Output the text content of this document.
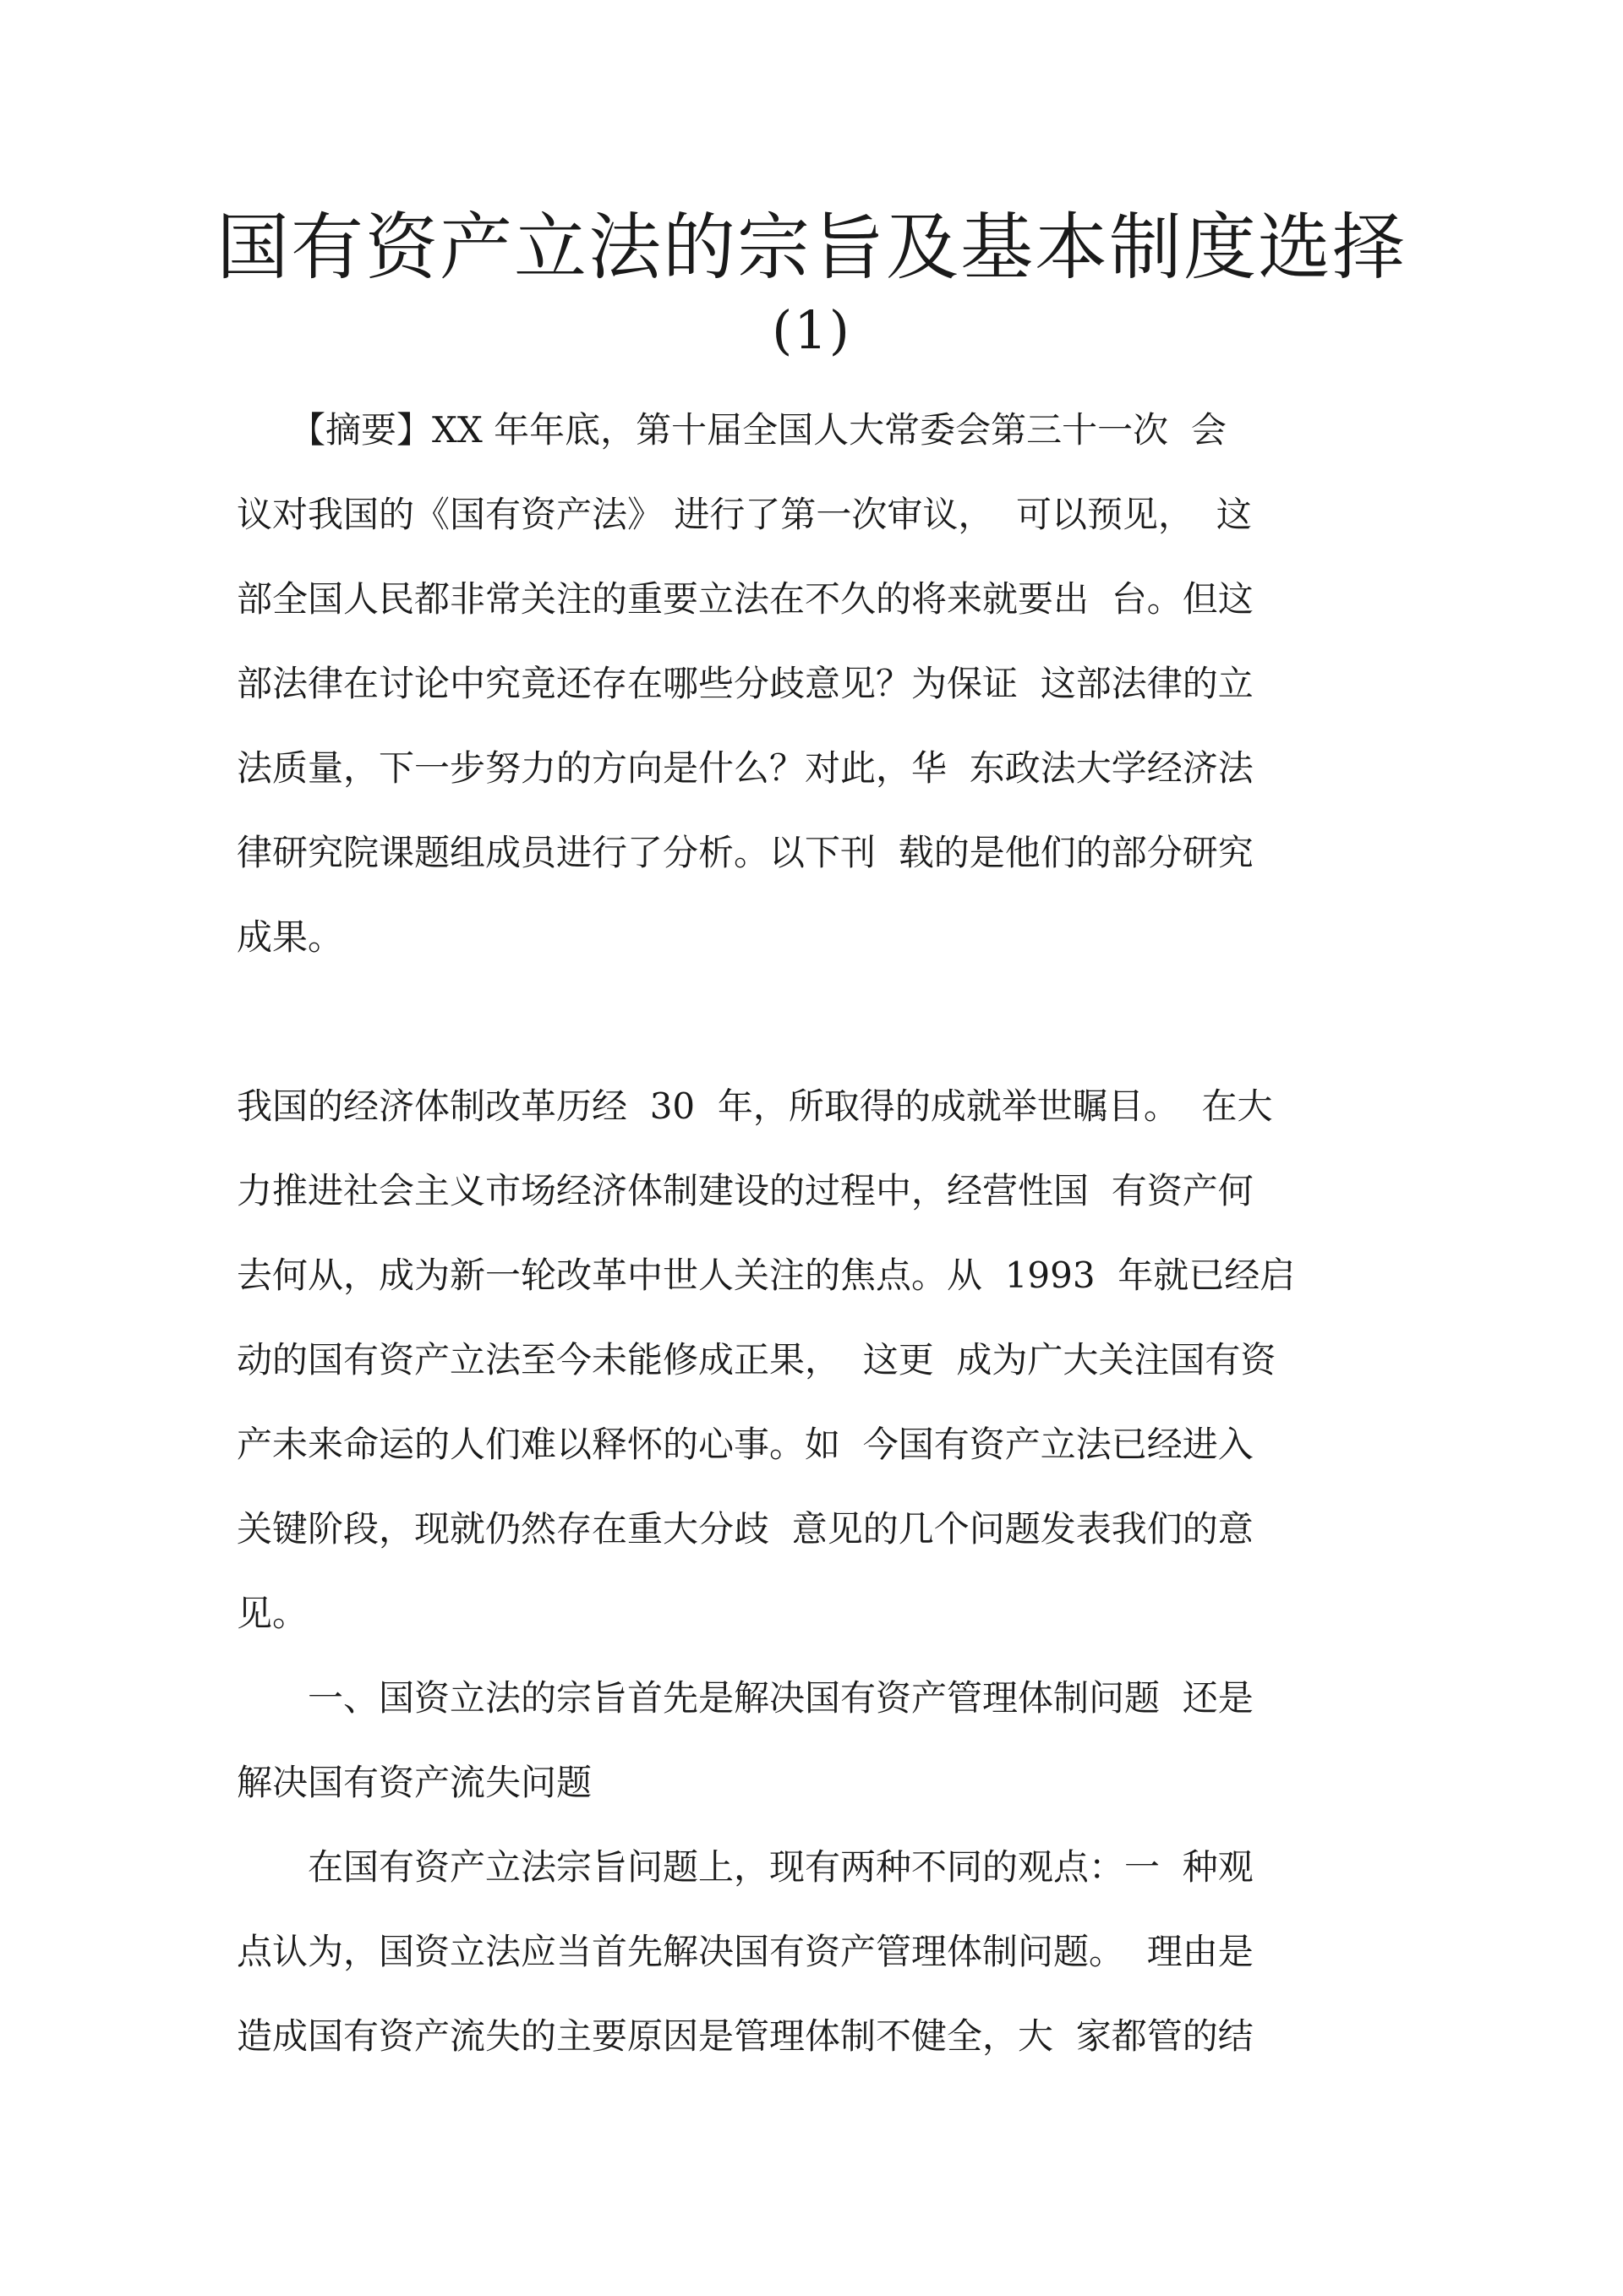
国有资产立法的宗旨及基本制度选择
(1)

　　【摘要】XX 年年底，第十届全国人大常委会第三十一次  会

议对我国的《国有资产法》 进行了第一次审议，  可以预见，  这

部全国人民都非常关注的重要立法在不久的将来就要出  台。但这

部法律在讨论中究竟还存在哪些分歧意见？为保证  这部法律的立

法质量，下一步努力的方向是什么？对此，华  东政法大学经济法

律研究院课题组成员进行了分析。以下刊  载的是他们的部分研究

成果。

我国的经济体制改革历经  30  年，所取得的成就举世瞩目。  在大

力推进社会主义市场经济体制建设的过程中，经营性国  有资产何

去何从，成为新一轮改革中世人关注的焦点。从  1993  年就已经启

动的国有资产立法至今未能修成正果，  这更  成为广大关注国有资

产未来命运的人们难以释怀的心事。如  今国有资产立法已经进入

关键阶段，现就仍然存在重大分歧  意见的几个问题发表我们的意

见。

　　一、国资立法的宗旨首先是解决国有资产管理体制问题  还是

解决国有资产流失问题

　　在国有资产立法宗旨问题上，现有两种不同的观点：一  种观

点认为，国资立法应当首先解决国有资产管理体制问题。  理由是

造成国有资产流失的主要原因是管理体制不健全，大  家都管的结
